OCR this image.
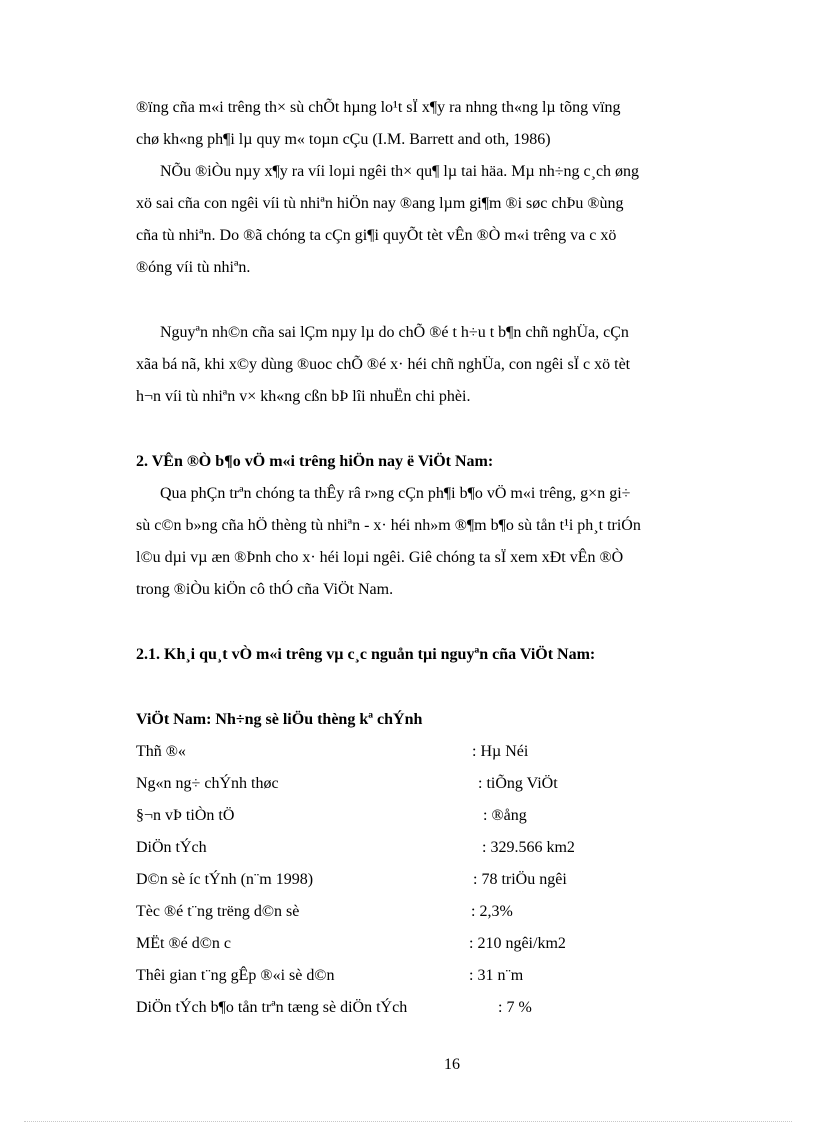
®ïng cña m«i trêng th× sù chÕt hµng lo¹t sÏ x¶y ra nhng th«ng lµ tõng vïng
chø kh«ng ph¶i lµ quy m« toµn cÇu (I.M. Barrett and oth, 1986)
NÕu ®iÒu nµy x¶y ra víi loµi ngêi th× qu¶ lµ tai häa. Mµ nh÷ng c¸ch øng
xö sai cña con ngêi víi tù nhiªn hiÖn nay ®ang lµm gi¶m ®i søc chÞu ®ùng
cña tù nhiªn. Do ®ã chóng ta cÇn gi¶i quyÕt tèt vÊn ®Ò m«i trêng va c xö
®óng víi tù nhiªn.
Nguyªn nh©n cña sai lÇm nµy lµ do chÕ ®é t h÷u t b¶n chñ nghÜa, cÇn
xãa bá nã, khi x©y dùng ®uoc chÕ ®é x· héi chñ nghÜa, con ngêi sÏ c xö tèt
h¬n víi tù nhiªn v× kh«ng cßn bÞ lîi nhuËn chi phèi.
2. VÊn ®Ò b¶o vÖ m«i trêng hiÖn nay ë ViÖt Nam:
Qua phÇn trªn chóng ta thÊy râ r»ng cÇn ph¶i b¶o vÖ m«i trêng, g×n gi÷
sù c©n b»ng cña hÖ thèng tù nhiªn - x· héi nh»m ®¶m b¶o sù tån t¹i ph¸t triÓn
l©u dµi vµ æn ®Þnh cho x· héi loµi ngêi. Giê chóng ta sÏ xem xÐt vÊn ®Ò
trong ®iÒu kiÖn cô thÓ cña ViÖt Nam.
2.1. Kh¸i qu¸t vÒ m«i trêng vµ c¸c nguån tµi nguyªn cña ViÖt Nam:
ViÖt Nam: Nh÷ng sè liÖu thèng kª chÝnh
Thñ ®«	: Hµ Néi
Ng«n ng÷ chÝnh thøc	: tiÕng ViÖt
§¬n vÞ tiÒn tÖ	: ®ång
DiÖn tÝch	: 329.566 km2
D©n sè íc tÝnh (n¨m 1998)	: 78 triÖu ngêi
Tèc ®é t¨ng trëng d©n sè	: 2,3%
MËt ®é d©n c	: 210 ngêi/km2
Thêi gian t¨ng gÊp ®«i sè d©n	: 31 n¨m
DiÖn tÝch b¶o tån trªn tæng sè diÖn tÝch	: 7 %
16
